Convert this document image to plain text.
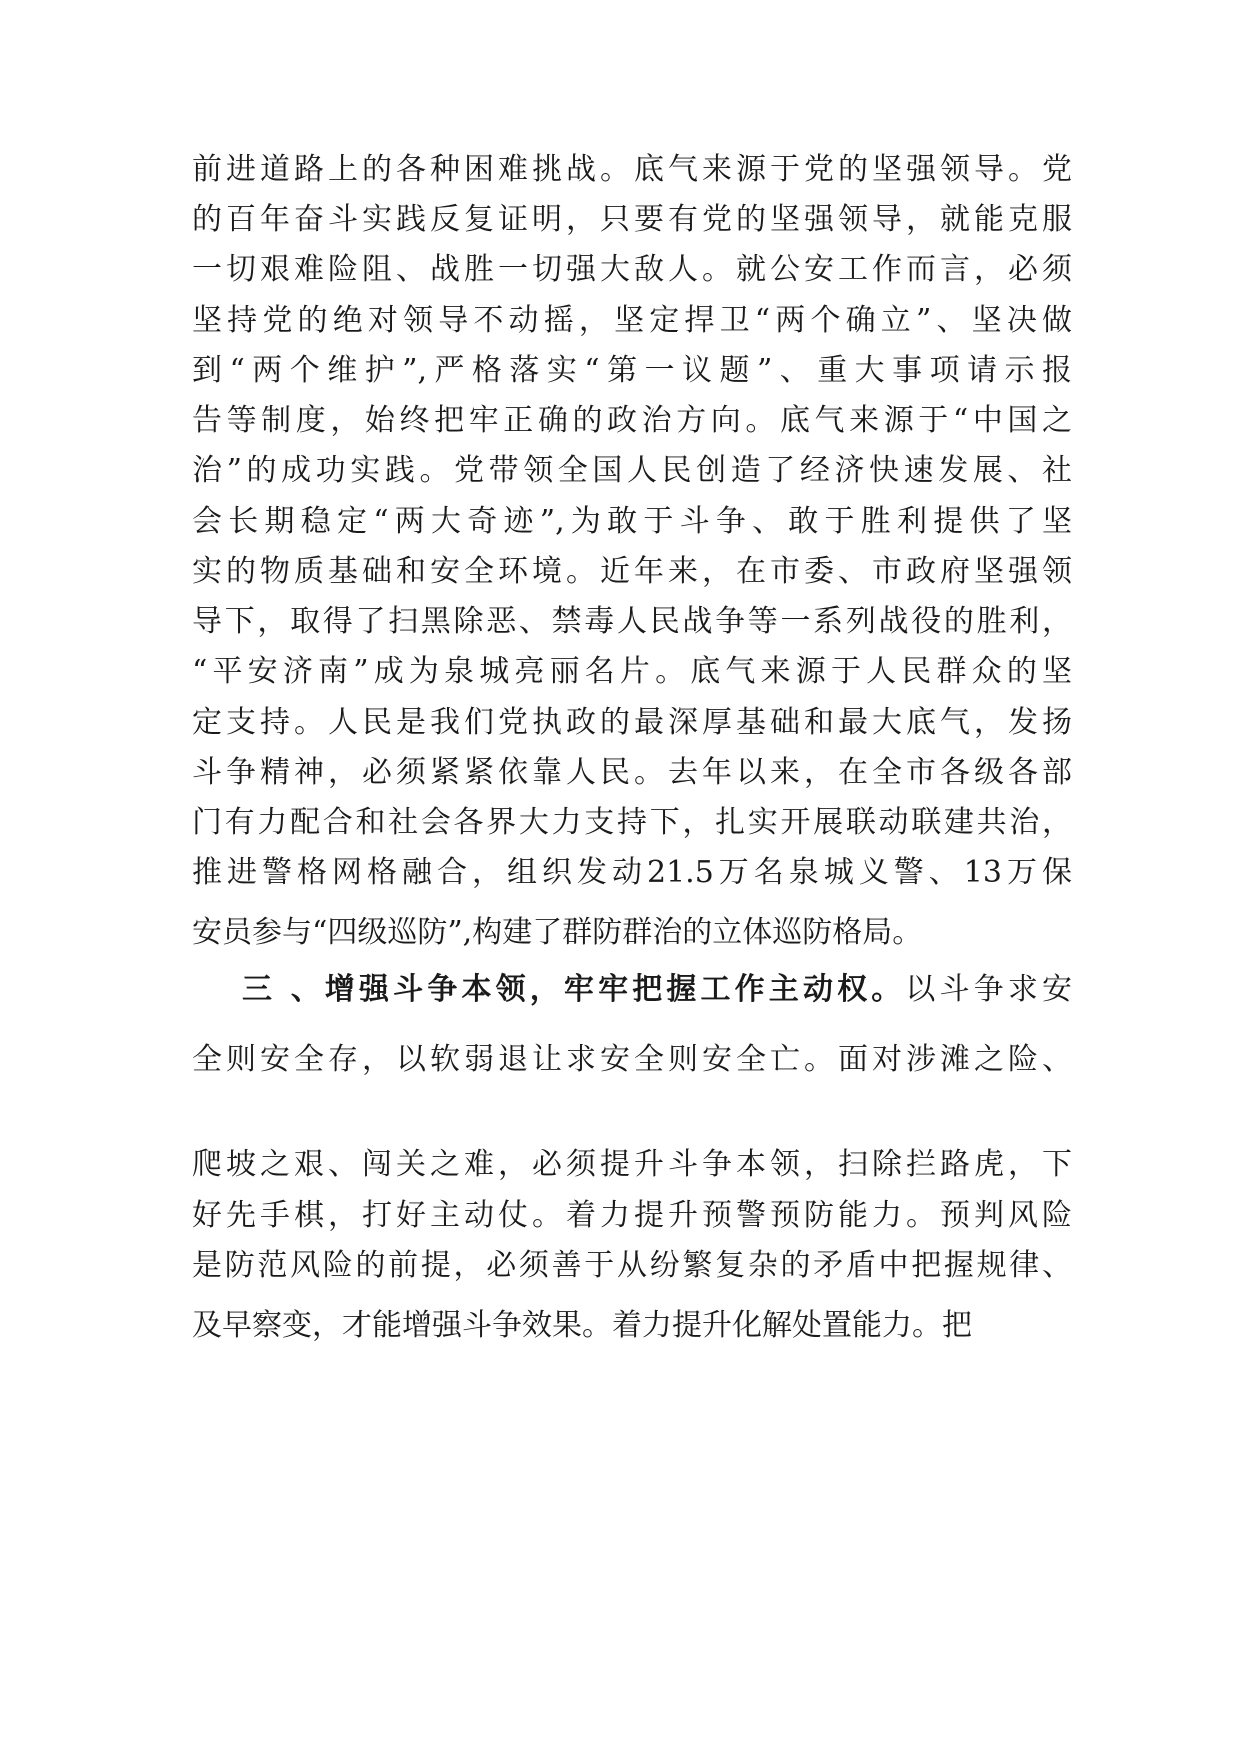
前进道路上的各种困难挑战。底气来源于党的坚强领导。党

的百年奋斗实践反复证明，只要有党的坚强领导，就能克服

一切艰难险阻、战胜一切强大敌人。就公安工作而言，必须

坚持党的绝对领导不动摇，坚定捍卫“两个确立”、坚决做

到“两个维护”,严格落实“第一议题”、重大事项请示报

告等制度，始终把牢正确的政治方向。底气来源于“中国之

治”的成功实践。党带领全国人民创造了经济快速发展、社

会长期稳定“两大奇迹”,为敢于斗争、敢于胜利提供了坚

实的物质基础和安全环境。近年来，在市委、市政府坚强领

导下，取得了扫黑除恶、禁毒人民战争等一系列战役的胜利，

“平安济南”成为泉城亮丽名片。底气来源于人民群众的坚

定支持。人民是我们党执政的最深厚基础和最大底气，发扬

斗争精神，必须紧紧依靠人民。去年以来，在全市各级各部

门有力配合和社会各界大力支持下，扎实开展联动联建共治，

推进警格网格融合，组织发动21.5万名泉城义警、13万保

安员参与“四级巡防”,构建了群防群治的立体巡防格局。

三 、增强斗争本领，牢牢把握工作主动权。以斗争求安

全则安全存，以软弱退让求安全则安全亡。面对涉滩之险、

爬坡之艰、闯关之难，必须提升斗争本领，扫除拦路虎，下

好先手棋，打好主动仗。着力提升预警预防能力。预判风险

是防范风险的前提，必须善于从纷繁复杂的矛盾中把握规律、

及早察变，才能增强斗争效果。着力提升化解处置能力。把
